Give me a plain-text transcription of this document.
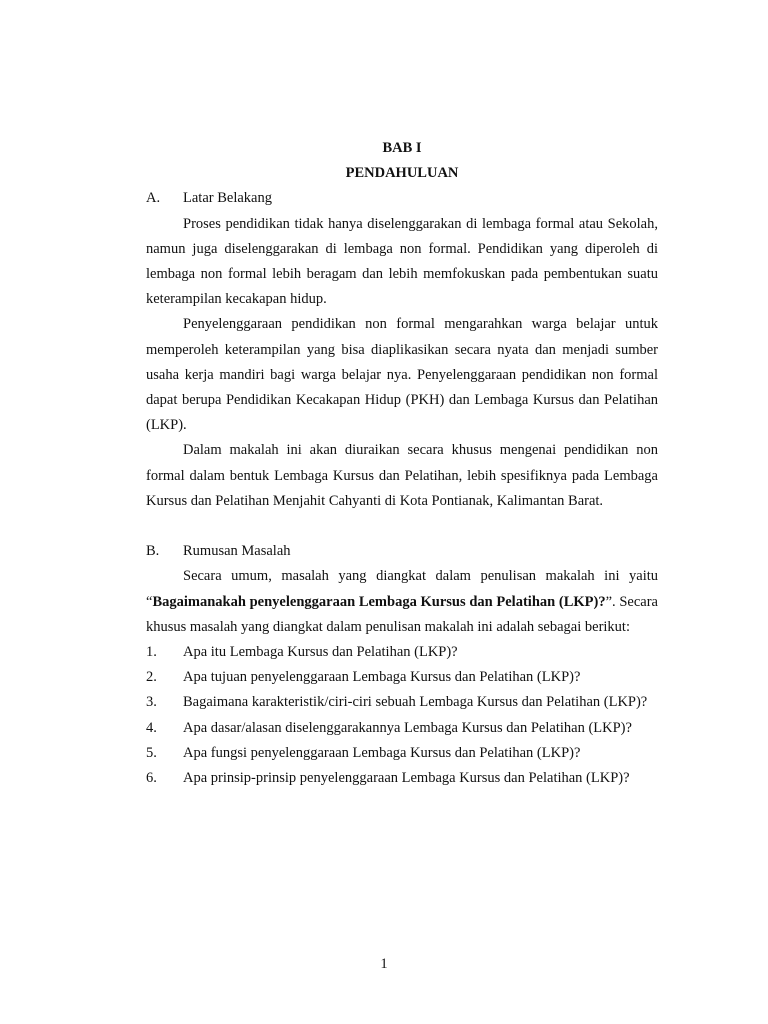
BAB I
PENDAHULUAN
A.	Latar Belakang

Proses pendidikan tidak hanya diselenggarakan di lembaga formal atau Sekolah, namun juga diselenggarakan di lembaga non formal. Pendidikan yang diperoleh di lembaga non formal lebih beragam dan lebih memfokuskan pada pembentukan suatu keterampilan kecakapan hidup.

Penyelenggaraan pendidikan non formal mengarahkan warga belajar untuk memperoleh keterampilan yang bisa diaplikasikan secara nyata dan menjadi sumber usaha kerja mandiri bagi warga belajar nya. Penyelenggaraan pendidikan non formal dapat berupa Pendidikan Kecakapan Hidup (PKH) dan Lembaga Kursus dan Pelatihan (LKP).

Dalam makalah ini akan diuraikan secara khusus mengenai pendidikan non formal dalam bentuk Lembaga Kursus dan Pelatihan, lebih spesifiknya pada Lembaga Kursus dan Pelatihan Menjahit Cahyanti di Kota Pontianak, Kalimantan Barat.

B.	Rumusan Masalah

Secara umum, masalah yang diangkat dalam penulisan makalah ini yaitu “Bagaimanakah penyelenggaraan Lembaga Kursus dan Pelatihan (LKP)?”. Secara khusus masalah yang diangkat dalam penulisan makalah ini adalah sebagai berikut:

1.	Apa itu Lembaga Kursus dan Pelatihan (LKP)?
2.	Apa tujuan penyelenggaraan Lembaga Kursus dan Pelatihan (LKP)?
3.	Bagaimana karakteristik/ciri-ciri sebuah Lembaga Kursus dan Pelatihan (LKP)?
4.	Apa dasar/alasan diselenggarakannya Lembaga Kursus dan Pelatihan (LKP)?
5.	Apa fungsi penyelenggaraan Lembaga Kursus dan Pelatihan (LKP)?
6.	Apa prinsip-prinsip penyelenggaraan Lembaga Kursus dan Pelatihan (LKP)?
1
